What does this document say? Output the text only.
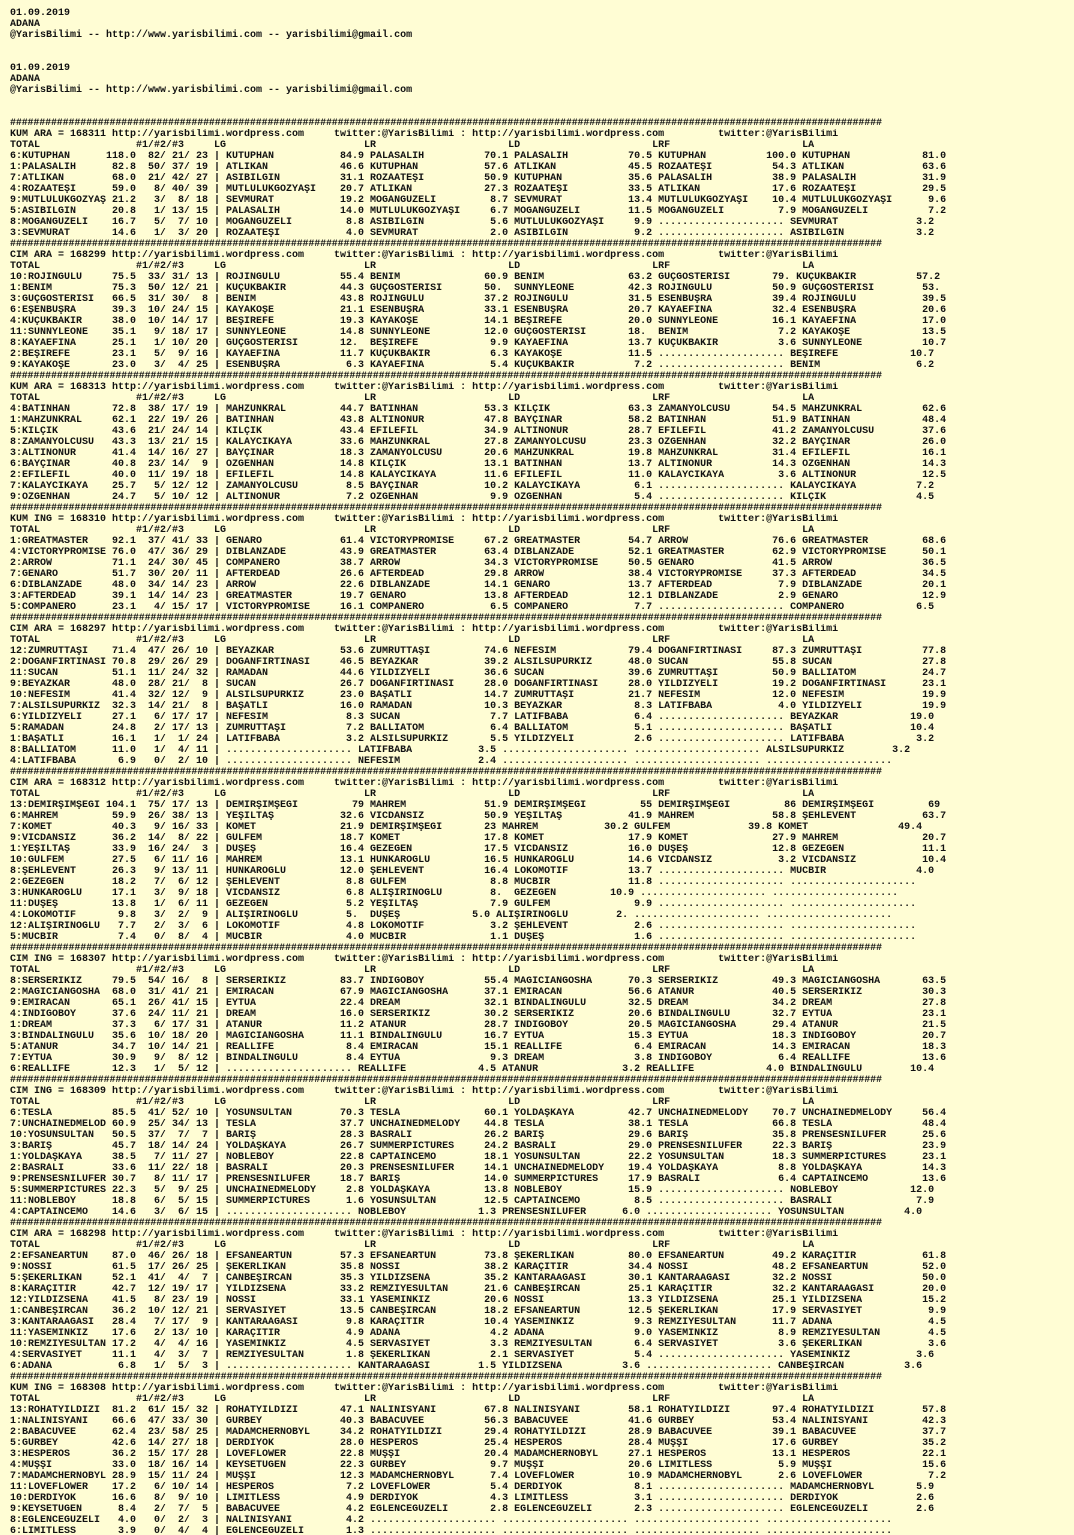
01.09.2019
ADANA
@YarisBilimi -- http://www.yarisbilimi.com -- yarisbilimi@gmail.com
01.09.2019
ADANA
@YarisBilimi -- http://www.yarisbilimi.com -- yarisbilimi@gmail.com
#####################################################################################################################################################
KUM ARA = 168311 http://yarisbilimi.wordpress.com     twitter:@YarisBilimi : http://yarisbilimi.wordpress.com         twitter:@YarisBilimi
TOTAL                #1/#2/#3     LG                       LR                      LD                      LRF                      LA
6:KUTUPHAN      118.0  82/ 21/ 23 | KUTUPHAN           84.9 PALASALİH          70.1 PALASALİH          70.5 KUTUPHAN          100.0 KUTUPHAN            81.0
1:PALASALİH      82.8  50/ 37/ 19 | ATLIKAN            46.6 KUTUPHAN           57.6 ATLIKAN            45.5 ROZAATEŞİ          54.3 ATLIKAN             63.6
7:ATLIKAN        68.0  21/ 42/ 27 | ASİBİLGİN          31.1 ROZAATEŞİ          50.9 KUTUPHAN           35.6 PALASALİH          38.9 PALASALİH           31.9
4:ROZAATEŞİ      59.0   8/ 40/ 39 | MUTLULUKGÖZYAŞI    20.7 ATLIKAN            27.3 ROZAATEŞİ          33.5 ATLIKAN            17.6 ROZAATEŞİ           29.5
9:MUTLULUKGÖZYAŞ 21.2   3/  8/ 18 | SEVMURAT           19.2 MOGANGÜZELİ         8.7 SEVMURAT           13.4 MUTLULUKGÖZYAŞI    10.4 MUTLULUKGÖZYAŞI      9.6
5:ASİBİLGİN      20.8   1/ 13/ 15 | PALASALİH          14.0 MUTLULUKGÖZYAŞI     6.7 MOGANGÜZELİ        11.5 MOGANGÜZELİ         7.9 MOGANGÜZELİ          7.2
8:MOGANGÜZELİ    16.7   5/  7/ 10 | MOGANGÜZELİ         8.8 ASİBİLGİN           5.6 MUTLULUKGÖZYAŞI     9.9 ..................... SEVMURAT             3.2
3:SEVMURAT       14.6   1/  3/ 20 | ROZAATEŞİ           4.0 SEVMURAT            2.0 ASİBİLGİN           9.2 ..................... ASİBİLGİN            3.2
#####################################################################################################################################################
CIM ARA = 168299 http://yarisbilimi.wordpress.com     twitter:@YarisBilimi : http://yarisbilimi.wordpress.com         twitter:@YarisBilimi
TOTAL                #1/#2/#3     LG                       LR                      LD                      LRF                      LA
10:ROJINGÜLÜ     75.5  33/ 31/ 13 | ROJINGÜLÜ          55.4 BENİM              60.9 BENİM              63.2 GÜÇGÖSTERİSİ       79. KUÇUKBAKIR          57.2
1:BENİM          75.3  50/ 12/ 21 | KUÇUKBAKIR         44.3 GÜÇGÖSTERİSİ       50.  SUNNYLEONE         42.3 ROJINGÜLÜ          50.9 GÜÇGÖSTERİSİ        53.
3:GÜÇGÖSTERİSİ   66.5  31/ 30/  8 | BENİM              43.8 ROJINGÜLÜ          37.2 ROJINGÜLÜ          31.5 ESENBUŞRA          39.4 ROJINGÜLÜ           39.5
6:EŞENBUŞRA      39.3  10/ 24/ 15 | KAYAKÖŞE           21.1 ESENBUŞRA          33.1 ESENBUŞRA          20.7 KAYAEFİNA          32.4 ESENBUŞRA           20.6
4:KUÇUKBAKIR     38.0  10/ 14/ 17 | BEŞİREFE           19.3 KAYAKÖŞE           14.1 BEŞİREFE           20.0 SUNNYLEONE         16.1 KAYAEFİNA           17.0
11:SUNNYLEONE    35.1   9/ 18/ 17 | SUNNYLEONE         14.8 SUNNYLEONE         12.0 GÜÇGÖSTERİSİ       18.  BENİM               7.2 KAYAKÖŞE            13.5
8:KAYAEFİNA      25.1   1/ 10/ 20 | GÜÇGÖSTERİSİ       12.  BEŞİREFE            9.9 KAYAEFİNA          13.7 KUÇUKBAKIR          3.6 SUNNYLEONE          10.7
2:BEŞİREFE       23.1   5/  9/ 16 | KAYAEFİNA          11.7 KUÇUKBAKIR          6.3 KAYAKÖŞE           11.5 ..................... BEŞİREFE            10.7
9:KAYAKÖŞE       23.0   3/  4/ 25 | ESENBUŞRA           6.3 KAYAEFİNA           5.4 KUÇUKBAKIR          7.2 ..................... BENİM                6.2
#####################################################################################################################################################
KUM ARA = 168313 http://yarisbilimi.wordpress.com     twitter:@YarisBilimi : http://yarisbilimi.wordpress.com         twitter:@YarisBilimi
TOTAL                #1/#2/#3     LG                       LR                      LD                      LRF                      LA
4:BATINHAN       72.8  38/ 17/ 19 | MAHZUNKRAL         44.7 BATINHAN           53.3 KILÇIK             63.3 ZAMANYOLCUSU       54.5 MAHZUNKRAL          62.6
1:MAHZUNKRAL     62.1  22/ 19/ 26 | BATINHAN           43.8 ALTINONUR          47.8 BAYÇINAR           58.2 BATINHAN           51.9 BATINHAN            48.4
5:KILÇIK         43.6  21/ 24/ 14 | KILÇIK             43.4 EFİLEFİL           34.9 ALTINONUR          28.7 EFİLEFİL           41.2 ZAMANYOLCUSU        37.6
8:ZAMANYOLCUSU   43.3  13/ 21/ 15 | KALAYCIKAYA        33.6 MAHZUNKRAL         27.8 ZAMANYOLCUSU       23.3 ÖZGENHAN           32.2 BAYÇINAR            26.0
3:ALTINONUR      41.4  14/ 16/ 27 | BAYÇINAR           18.3 ZAMANYOLCUSU       20.6 MAHZUNKRAL         19.8 MAHZUNKRAL         31.4 EFİLEFİL            16.1
6:BAYÇINAR       40.8  23/ 14/  9 | ÖZGENHAN           14.8 KILÇIK             13.1 BATINHAN           13.7 ALTINONUR          14.3 ÖZGENHAN            14.3
2:EFİLEFİL       40.0  11/ 19/ 18 | EFİLEFİL           14.8 KALAYCIKAYA        11.6 EFİLEFİL           11.0 KALAYCIKAYA         3.6 ALTINONUR           12.5
7:KALAYCIKAYA    25.7   5/ 12/ 12 | ZAMANYOLCUSU        8.5 BAYÇINAR           10.2 KALAYCIKAYA         6.1 ..................... KALAYCIKAYA          7.2
9:ÖZGENHAN       24.7   5/ 10/ 12 | ALTINONUR           7.2 ÖZGENHAN            9.9 ÖZGENHAN            5.4 ..................... KILÇIK               4.5
#####################################################################################################################################################
KUM ING = 168310 http://yarisbilimi.wordpress.com     twitter:@YarisBilimi : http://yarisbilimi.wordpress.com         twitter:@YarisBilimi
TOTAL                #1/#2/#3     LG                       LR                      LD                      LRF                      LA
1:GREATMASTER    92.1  37/ 41/ 33 | GENARO             61.4 VICTORYPROMISE     67.2 GREATMASTER        54.7 ARROW              76.6 GREATMASTER         68.6
4:VICTORYPROMISE 76.0  47/ 36/ 29 | DİBLANZADE         43.9 GREATMASTER        63.4 DİBLANZADE         52.1 GREATMASTER        62.9 VICTORYPROMISE      50.1
2:ARROW          71.1  24/ 30/ 45 | COMPANERO          38.7 ARROW              34.3 VICTORYPROMISE     50.5 GENARO             41.5 ARROW               36.5
7:GENARO         51.7  30/ 20/ 11 | AFTERDEAD          26.6 AFTERDEAD          29.8 ARROW              38.4 VICTORYPROMISE     37.3 AFTERDEAD           34.5
6:DİBLANZADE     48.0  34/ 14/ 23 | ARROW              22.6 DİBLANZADE         14.1 GENARO             13.7 AFTERDEAD           7.9 DİBLANZADE          20.1
3:AFTERDEAD      39.1  14/ 14/ 23 | GREATMASTER        19.7 GENARO             13.8 AFTERDEAD          12.1 DİBLANZADE          2.9 GENARO              12.9
5:COMPANERO      23.1   4/ 15/ 17 | VICTORYPROMISE     16.1 COMPANERO           6.5 COMPANERO           7.7 ..................... COMPANERO            6.5
#####################################################################################################################################################
CIM ARA = 168297 http://yarisbilimi.wordpress.com     twitter:@YarisBilimi : http://yarisbilimi.wordpress.com         twitter:@YarisBilimi
TOTAL                #1/#2/#3     LG                       LR                      LD                      LRF                      LA
12:ZÜMRÜTTAŞI    71.4  47/ 26/ 10 | BEYAZKAR           53.6 ZÜMRÜTTAŞI         74.6 NEFESİM            79.4 DOĞANFIRTINASI     87.3 ZÜMRÜTTAŞI          77.8
2:DOĞANFIRTINASI 70.8  29/ 26/ 29 | DOĞANFIRTINASI     46.5 BEYAZKAR           39.2 ALSILSUPÜRKIZ      48.0 SUCAN              55.8 SUCAN               27.8
11:SUCAN         51.1  11/ 24/ 32 | RAMADAN            44.6 YILDIZYELİ         36.6 SUCAN              39.6 ZÜMRÜTTAŞI         50.9 BALLIATOM           24.7
9:BEYAZKAR       48.0  28/ 21/  8 | SUCAN              26.7 DOĞANFIRTINASI     28.0 DOĞANFIRTINASI     28.0 YILDIZYELİ         19.2 DOĞANFIRTINASI      23.1
10:NEFESİM       41.4  32/ 12/  9 | ALSILSUPÜRKIZ      23.0 BAŞATLI            14.7 ZÜMRÜTTAŞI         21.7 NEFESİM            12.0 NEFESİM             19.9
7:ALSILSUPÜRKIZ  32.3  14/ 21/  8 | BAŞATLI            16.0 RAMADAN            10.3 BEYAZKAR            8.3 LATİFBABA           4.0 YILDIZYELİ          19.9
6:YILDIZYELİ     27.1   6/ 17/ 17 | NEFESİM             8.3 SUCAN               7.7 LATİFBABA           6.4 ..................... BEYAZKAR            19.0
5:RAMADAN        24.8   2/ 17/ 13 | ZÜMRÜTTAŞI          7.2 BALLIATOM           6.4 BALLIATOM           5.1 ..................... BAŞATLI             10.4
1:BAŞATLI        16.1   1/  1/ 24 | LATİFBABA           3.2 ALSILSUPÜRKIZ       5.5 YILDIZYELİ          2.6 ..................... LATİFBABA            3.2
8:BALLIATOM      11.0   1/  4/ 11 | ..................... LATİFBABA           3.5 ..................... ..................... ALSILSUPÜRKIZ        3.2
4:LATİFBABA       6.9   0/  2/ 10 | ..................... NEFESİM             2.4 ..................... ..................... .....................
#####################################################################################################################################################
CIM ARA = 168312 http://yarisbilimi.wordpress.com     twitter:@YarisBilimi : http://yarisbilimi.wordpress.com         twitter:@YarisBilimi
TOTAL                #1/#2/#3     LG                       LR                      LD                      LRF                      LA
13:DEMİRŞİMŞEĞİ 104.1  75/ 17/ 13 | DEMİRŞİMŞEĞİ         79 MAHREM             51.9 DEMİRŞİMŞEĞİ         55 DEMİRŞİMŞEĞİ         86 DEMİRŞİMŞEĞİ         69
6:MAHREM         59.9  26/ 38/ 13 | YEŞİLTAŞ           32.6 VİCDANSIZ          50.9 YEŞİLTAŞ           41.9 MAHREM             58.8 ŞEHLEVENT           63.7
7:KOMET          40.3   9/ 16/ 33 | KOMET              21.9 DEMİRŞİMŞEĞİ       23 MAHREM           30.2 GÜLFEM             39.8 KOMET               49.4
9:VİCDANSIZ      36.2  14/  8/ 22 | GÜLFEM             18.7 KOMET              17.8 KOMET              17.9 KOMET              27.9 MAHREM              20.7
1:YEŞİLTAŞ       33.9  16/ 24/  3 | DÜŞEŞ              16.4 GEZEGEN            17.5 VİCDANSIZ          16.0 DÜŞEŞ              12.8 GEZEGEN             11.1
10:GÜLFEM        27.5   6/ 11/ 16 | MAHREM             13.1 HUNKAROĞLU         16.5 HUNKAROĞLU         14.6 VİCDANSIZ           3.2 VİCDANSIZ           10.4
8:ŞEHLEVENT      26.3   9/ 13/ 11 | HUNKAROĞLU         12.0 ŞEHLEVENT          16.4 LOKOMOTİF          13.7 ..................... MUCBİR               4.0
2:GEZEGEN        18.2   7/  6/ 12 | ŞEHLEVENT           8.8 GÜLFEM              8.8 MUCBİR             11.8 ..................... .....................
3:HUNKAROĞLU     17.1   3/  9/ 18 | VİCDANSIZ           6.8 ALIŞIRINOĞLU        8.  GEZEGEN         10.9 ..................... .....................
11:DÜŞEŞ         13.8   1/  6/ 11 | GEZEGEN             5.2 YEŞİLTAŞ            7.9 GÜLFEM              9.9 ..................... .....................
4:LOKOMOTİF       9.8   3/  2/  9 | ALIŞIRINOĞLU        5.  DÜŞEŞ            5.0 ALIŞIRINOĞLU        2. ..................... .....................
12:ALIŞIRINOĞLU   7.7   2/  3/  6 | LOKOMOTİF           4.8 LOKOMOTİF           3.2 ŞEHLEVENT           2.6 ..................... .....................
5:MUCBİR          7.4   0/  8/  4 | MUCBİR              4.0 MUCBİR              1.1 DÜŞEŞ               1.6 ..................... .....................
#####################################################################################################################################################
CIM ING = 168307 http://yarisbilimi.wordpress.com     twitter:@YarisBilimi : http://yarisbilimi.wordpress.com         twitter:@YarisBilimi
TOTAL                #1/#2/#3     LG                       LR                      LD                      LRF                      LA
8:SERSERİKIZ     79.5  54/ 16/  8 | SERSERİKIZ         83.7 INDIGOBOY          55.4 MAGICIANGOSHA      70.3 SERSERİKIZ         49.3 MAGICIANGOSHA       63.5
2:MAGICIANGOSHA  68.0  31/ 41/ 21 | EMİRACAN           67.9 MAGICIANGOSHA      37.1 EMİRACAN           56.6 ATANUR             40.5 SERSERİKIZ          30.3
9:EMİRACAN       65.1  26/ 41/ 15 | EYTUA              22.4 DREAM              32.1 BİNDALINGÜLÜ       32.5 DREAM              34.2 DREAM               27.8
4:INDIGOBOY      37.6  24/ 11/ 21 | DREAM              16.0 SERSERİKIZ         30.2 SERSERİKIZ         20.6 BİNDALINGÜLÜ       32.7 EYTUA               23.1
1:DREAM          37.3   6/ 17/ 31 | ATANUR             11.2 ATANUR             28.7 INDIGOBOY          20.5 MAGICIANGOSHA      29.4 ATANUR              21.5
3:BİNDALINGÜLÜ   35.6  10/ 18/ 20 | MAGICIANGOSHA      11.1 BİNDALINGÜLÜ       16.7 EYTUA              15.3 EYTUA              18.3 INDIGOBOY           20.7
5:ATANUR         34.7  10/ 14/ 21 | REALLIFE            8.4 EMİRACAN           15.1 REALLIFE            6.4 EMİRACAN           14.3 EMİRACAN            18.3
7:EYTUA          30.9   9/  8/ 12 | BİNDALINGÜLÜ        8.4 EYTUA               9.3 DREAM               3.8 INDIGOBOY           6.4 REALLIFE            13.6
6:REALLIFE       12.3   1/  5/ 12 | ..................... REALLIFE            4.5 ATANUR              3.2 REALLIFE            4.0 BİNDALINGÜLÜ        10.4
#####################################################################################################################################################
CIM ING = 168309 http://yarisbilimi.wordpress.com     twitter:@YarisBilimi : http://yarisbilimi.wordpress.com         twitter:@YarisBilimi
TOTAL                #1/#2/#3     LG                       LR                      LD                      LRF                      LA
6:TESLA          85.5  41/ 52/ 10 | YOSUNSULTAN        70.3 TESLA              60.1 YOLDAŞKAYA         42.7 UNCHAINEDMELODY    70.7 UNCHAINEDMELODY     56.4
7:UNCHAINEDMELOD 60.9  25/ 34/ 13 | TESLA              37.7 UNCHAINEDMELODY    44.8 TESLA              38.1 TESLA              66.8 TESLA               48.4
10:YOSUNSULTAN   50.5  37/  7/  7 | BARIŞ              28.3 BASRALI            26.2 BARIŞ              29.6 BARIŞ              35.8 PRENSESNİLÜFER      25.6
3:BARIŞ          45.7  18/ 14/ 24 | YOLDAŞKAYA         26.7 SUMMERPICTURES     24.2 BASRALI            29.0 PRENSESNİLÜFER     22.3 BARIŞ               23.9
1:YOLDAŞKAYA     38.5   7/ 11/ 27 | NOBLEBOY           22.8 CAPTAINCEMO        18.1 YOSUNSULTAN        22.2 YOSUNSULTAN        18.3 SUMMERPICTURES      23.1
2:BASRALI        33.6  11/ 22/ 18 | BASRALI            20.3 PRENSESNİLÜFER     14.1 UNCHAINEDMELODY    19.4 YOLDAŞKAYA          8.8 YOLDAŞKAYA          14.3
9:PRENSESNİLÜFER 30.7   8/ 11/ 17 | PRENSESNİLÜFER     18.7 BARIŞ              14.0 SUMMERPICTURES     17.9 BASRALI             6.4 CAPTAINCEMO         13.6
5:SUMMERPICTURES 22.3   5/  9/ 25 | UNCHAINEDMELODY     2.8 YOLDAŞKAYA         13.8 NOBLEBOY           15.9 ..................... NOBLEBOY            12.0
11:NOBLEBOY      18.8   6/  5/ 15 | SUMMERPICTURES      1.6 YOSUNSULTAN        12.5 CAPTAINCEMO         8.5 ..................... BASRALI              7.9
4:CAPTAINCEMO    14.6   3/  6/ 15 | ..................... NOBLEBOY            1.3 PRENSESNİLÜFER      6.0 ..................... YOSUNSULTAN          4.0
#####################################################################################################################################################
CIM ARA = 168298 http://yarisbilimi.wordpress.com     twitter:@YarisBilimi : http://yarisbilimi.wordpress.com         twitter:@YarisBilimi
TOTAL                #1/#2/#3     LG                       LR                      LD                      LRF                      LA
2:EFSANEARTUN    87.0  46/ 26/ 18 | EFSANEARTUN        57.3 EFSANEARTUN        73.8 ŞEKERLİKAN         80.0 EFSANEARTUN        49.2 KARAÇITIR           61.8
9:NOSSI          61.5  17/ 26/ 25 | ŞEKERLİKAN         35.8 NOSSI              38.2 KARAÇITIR          34.4 NOSSI              48.2 EFSANEARTUN         52.0
5:ŞEKERLİKAN     52.1  41/  4/  7 | CANBEŞİRCAN        35.3 YILDIZSENA         35.2 KANTARAAGASI       30.1 KANTARAAGASI       32.2 NOSSI               50.0
8:KARAÇITIR      42.7  12/ 19/ 17 | YILDIZSENA         33.2 REMZİYESULTAN      21.6 CANBEŞİRCAN        25.1 KARAÇITIR          32.2 KANTARAAGASI        20.0
12:YILDIZSENA    41.5   8/ 23/ 19 | NOSSI              33.1 YASEMİNKIZ         20.6 NOSSI              13.3 YILDIZSENA         25.1 YILDIZSENA          15.2
1:CANBEŞİRCAN    36.2  10/ 12/ 21 | SERVASİYET         13.5 CANBEŞİRCAN        18.2 EFSANEARTUN        12.5 ŞEKERLİKAN         17.9 SERVASİYET           9.9
3:KANTARAAGASI   28.4   7/ 17/  9 | KANTARAAGASI        9.8 KARAÇITIR          10.4 YASEMİNKIZ          9.3 REMZİYESULTAN      11.7 ADANA                4.5
11:YASEMİNKIZ    17.6   2/ 13/ 10 | KARAÇITIR           4.9 ADANA               4.2 ADANA               9.0 YASEMİNKIZ          8.9 REMZİYESULTAN        4.5
10:REMZİYESULTAN 17.2   4/  4/ 16 | YASEMİNKIZ          4.5 SERVASİYET          3.3 REMZİYESULTAN       6.4 SERVASİYET          3.6 ŞEKERLİKAN           3.6
4:SERVASİYET     11.1   4/  3/  7 | REMZİYESULTAN       1.8 ŞEKERLİKAN          2.1 SERVASİYET          5.4 ..................... YASEMİNKIZ           3.6
6:ADANA           6.8   1/  5/  3 | ..................... KANTARAAGASI        1.5 YILDIZSENA          3.6 ..................... CANBEŞİRCAN          3.6
#####################################################################################################################################################
KUM ING = 168308 http://yarisbilimi.wordpress.com     twitter:@YarisBilimi : http://yarisbilimi.wordpress.com         twitter:@YarisBilimi
TOTAL                #1/#2/#3     LG                       LR                      LD                      LRF                      LA
13:ROHATYILDIZI  81.2  61/ 15/ 32 | ROHATYILDIZI       47.1 NALINİSYANI        67.8 NALINİSYANI        58.1 ROHATYILDIZI       97.4 ROHATYILDIZI        57.8
1:NALINİSYANI    66.6  47/ 33/ 30 | GURBEY             40.3 BABACUVEE          56.3 BABACUVEE          41.6 GURBEY             53.4 NALINİSYANI         42.3
2:BABACUVEE      62.4  23/ 58/ 25 | MADAMCHERNOBYL     34.2 ROHATYILDIZI       29.4 ROHATYILDIZI       28.9 BABACUVEE          39.1 BABACUVEE           37.7
5:GURBEY         42.6  14/ 27/ 18 | DERDİYOK           28.0 HESPEROS           25.4 HESPEROS           28.4 MUŞŞI              17.6 GURBEY              35.2
3:HESPEROS       36.2  15/ 17/ 28 | LOVEFLOWER         22.8 MUŞŞI              20.4 MADAMCHERNOBYL     27.1 HESPEROS           13.1 HESPEROS            22.1
4:MUŞŞI          33.0  18/ 16/ 14 | KEYSETUGEN         22.3 GURBEY              9.7 MUŞŞI              20.6 LIMITLESS           5.9 MUŞŞI               15.6
7:MADAMCHERNOBYL 28.9  15/ 11/ 24 | MUŞŞI              12.3 MADAMCHERNOBYL      7.4 LOVEFLOWER         10.9 MADAMCHERNOBYL      2.6 LOVEFLOWER           7.2
11:LOVEFLOWER    17.2   6/ 10/ 14 | HESPEROS            7.2 LOVEFLOWER          5.4 DERDİYOK            8.1 ..................... MADAMCHERNOBYL       5.9
10:DERDİYOK      16.6   8/  9/ 10 | LIMITLESS           4.9 DERDİYOK            4.3 LIMITLESS           3.1 ..................... DERDİYOK             2.6
9:KEYSETUGEN      8.4   2/  7/  5 | BABACUVEE           4.2 EGLENCEGÜZELİ       2.8 EGLENCEGÜZELİ       2.3 ..................... EGLENCEGÜZELİ        2.6
8:EGLENCEGÜZELİ   4.0   0/  2/  3 | NALINİSYANI         4.2 ..................... ..................... ..................... .....................
6:LIMITLESS       3.9   0/  4/  4 | EGLENCEGÜZELİ       1.3 ..................... ..................... ..................... .....................
